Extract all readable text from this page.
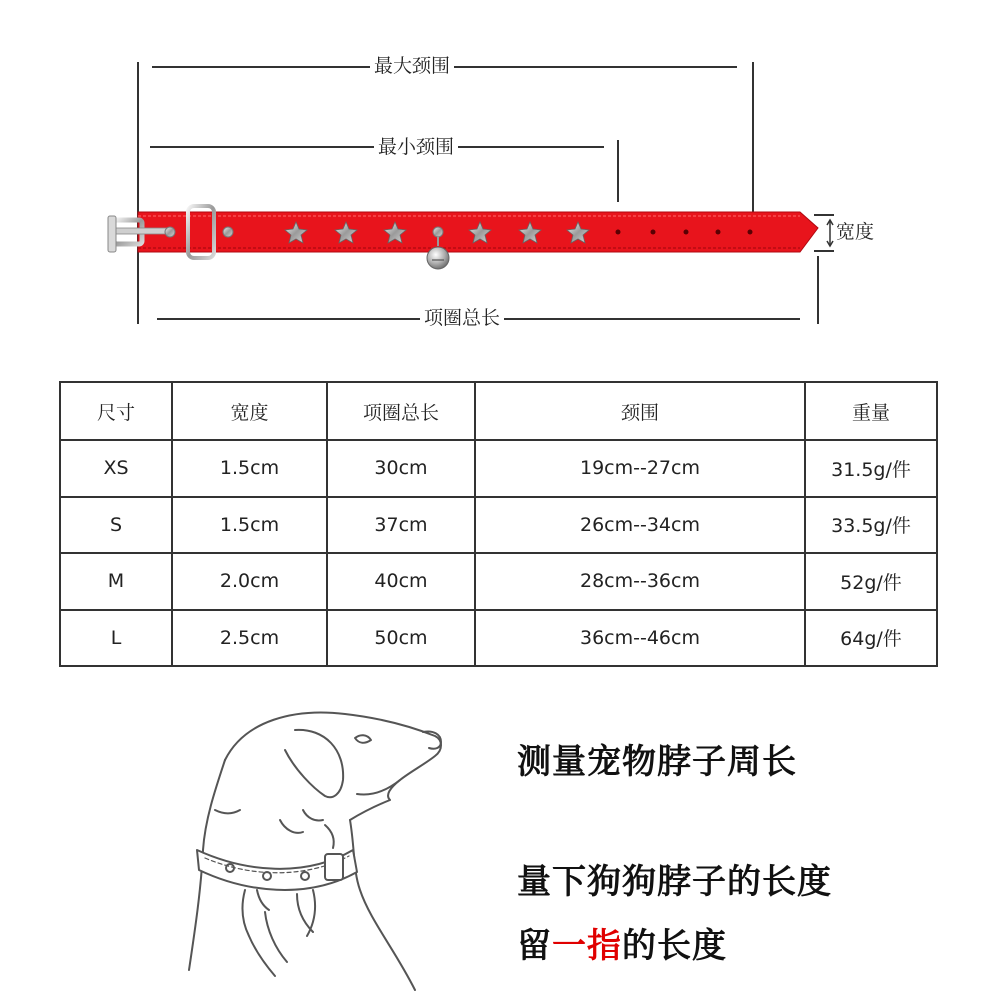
最大颈围
最小颈围
宽度
项圈总长
尺寸	宽度	项圈总长	颈围	重量
XS	1.5cm	30cm	19cm--27cm	31.5g/件
S	1.5cm	37cm	26cm--34cm	33.5g/件
M	2.0cm	40cm	28cm--36cm	52g/件
L	2.5cm	50cm	36cm--46cm	64g/件
测量宠物脖子周长
量下狗狗脖子的长度
留一指的长度
